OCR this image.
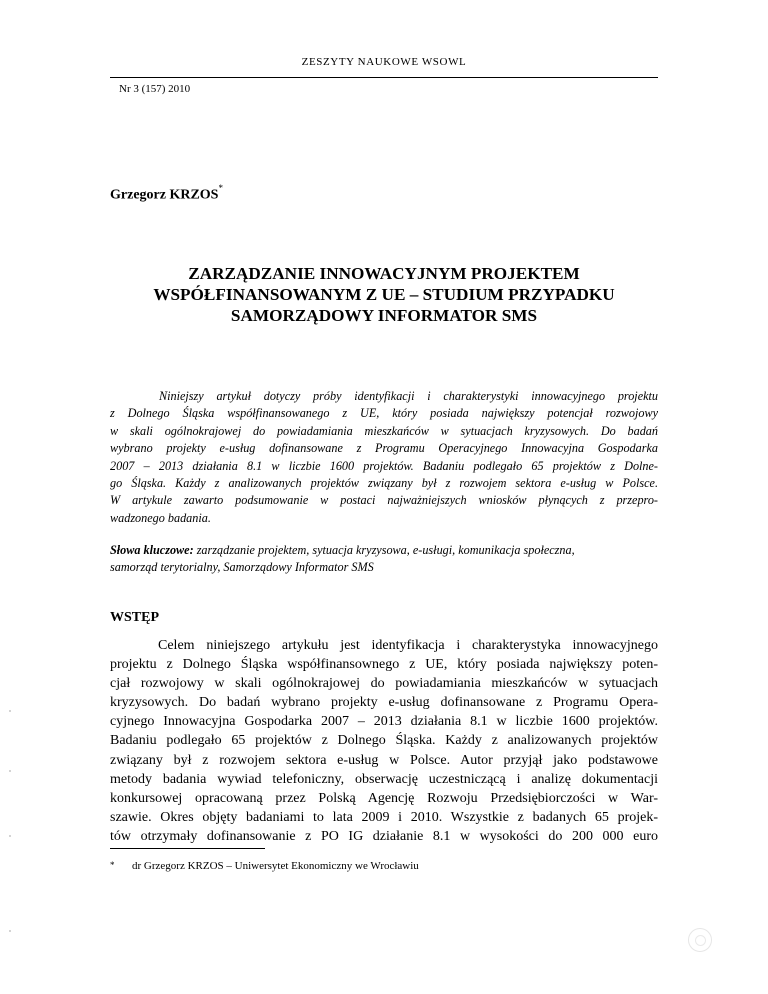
ZESZYTY NAUKOWE WSOWL
Nr 3 (157) 2010
Grzegorz KRZOS*
ZARZĄDZANIE INNOWACYJNYM PROJEKTEM
WSPÓŁFINANSOWANYM Z UE – STUDIUM PRZYPADKU
SAMORZĄDOWY INFORMATOR SMS
Niniejszy artykuł dotyczy próby identyfikacji i charakterystyki innowacyjnego projektu
z Dolnego Śląska współfinansowanego z UE, który posiada największy potencjał rozwojowy
w skali ogólnokrajowej do powiadamiania mieszkańców w sytuacjach kryzysowych. Do badań
wybrano projekty e-usług dofinansowane z Programu Operacyjnego Innowacyjna Gospodarka
2007 – 2013 działania 8.1 w liczbie 1600 projektów. Badaniu podlegało 65 projektów z Dolne-
go Śląska. Każdy z analizowanych projektów związany był z rozwojem sektora e-usług w Polsce.
W artykule zawarto podsumowanie w postaci najważniejszych wniosków płynących z przepro-
wadzonego badania.
Słowa kluczowe: zarządzanie projektem, sytuacja kryzysowa, e-usługi, komunikacja społeczna,
samorząd terytorialny, Samorządowy Informator SMS
WSTĘP
Celem niniejszego artykułu jest identyfikacja i charakterystyka innowacyjnego
projektu z Dolnego Śląska współfinansownego z UE, który posiada największy poten-
cjał rozwojowy w skali ogólnokrajowej do powiadamiania mieszkańców w sytuacjach
kryzysowych. Do badań wybrano projekty e-usług dofinansowane z Programu Opera-
cyjnego Innowacyjna Gospodarka 2007 – 2013 działania 8.1 w liczbie 1600 projektów.
Badaniu podlegało 65 projektów z Dolnego Śląska. Każdy z analizowanych projektów
związany był z rozwojem sektora e-usług w Polsce. Autor przyjął jako podstawowe
metody badania wywiad telefoniczny, obserwację uczestniczącą i analizę dokumentacji
konkursowej opracowaną przez Polską Agencję Rozwoju Przedsiębiorczości w War-
szawie. Okres objęty badaniami to lata 2009 i 2010. Wszystkie z badanych 65 projek-
tów otrzymały dofinansowanie z PO IG działanie 8.1 w wysokości do 200 000 euro
* dr Grzegorz KRZOS – Uniwersytet Ekonomiczny we Wrocławiu
